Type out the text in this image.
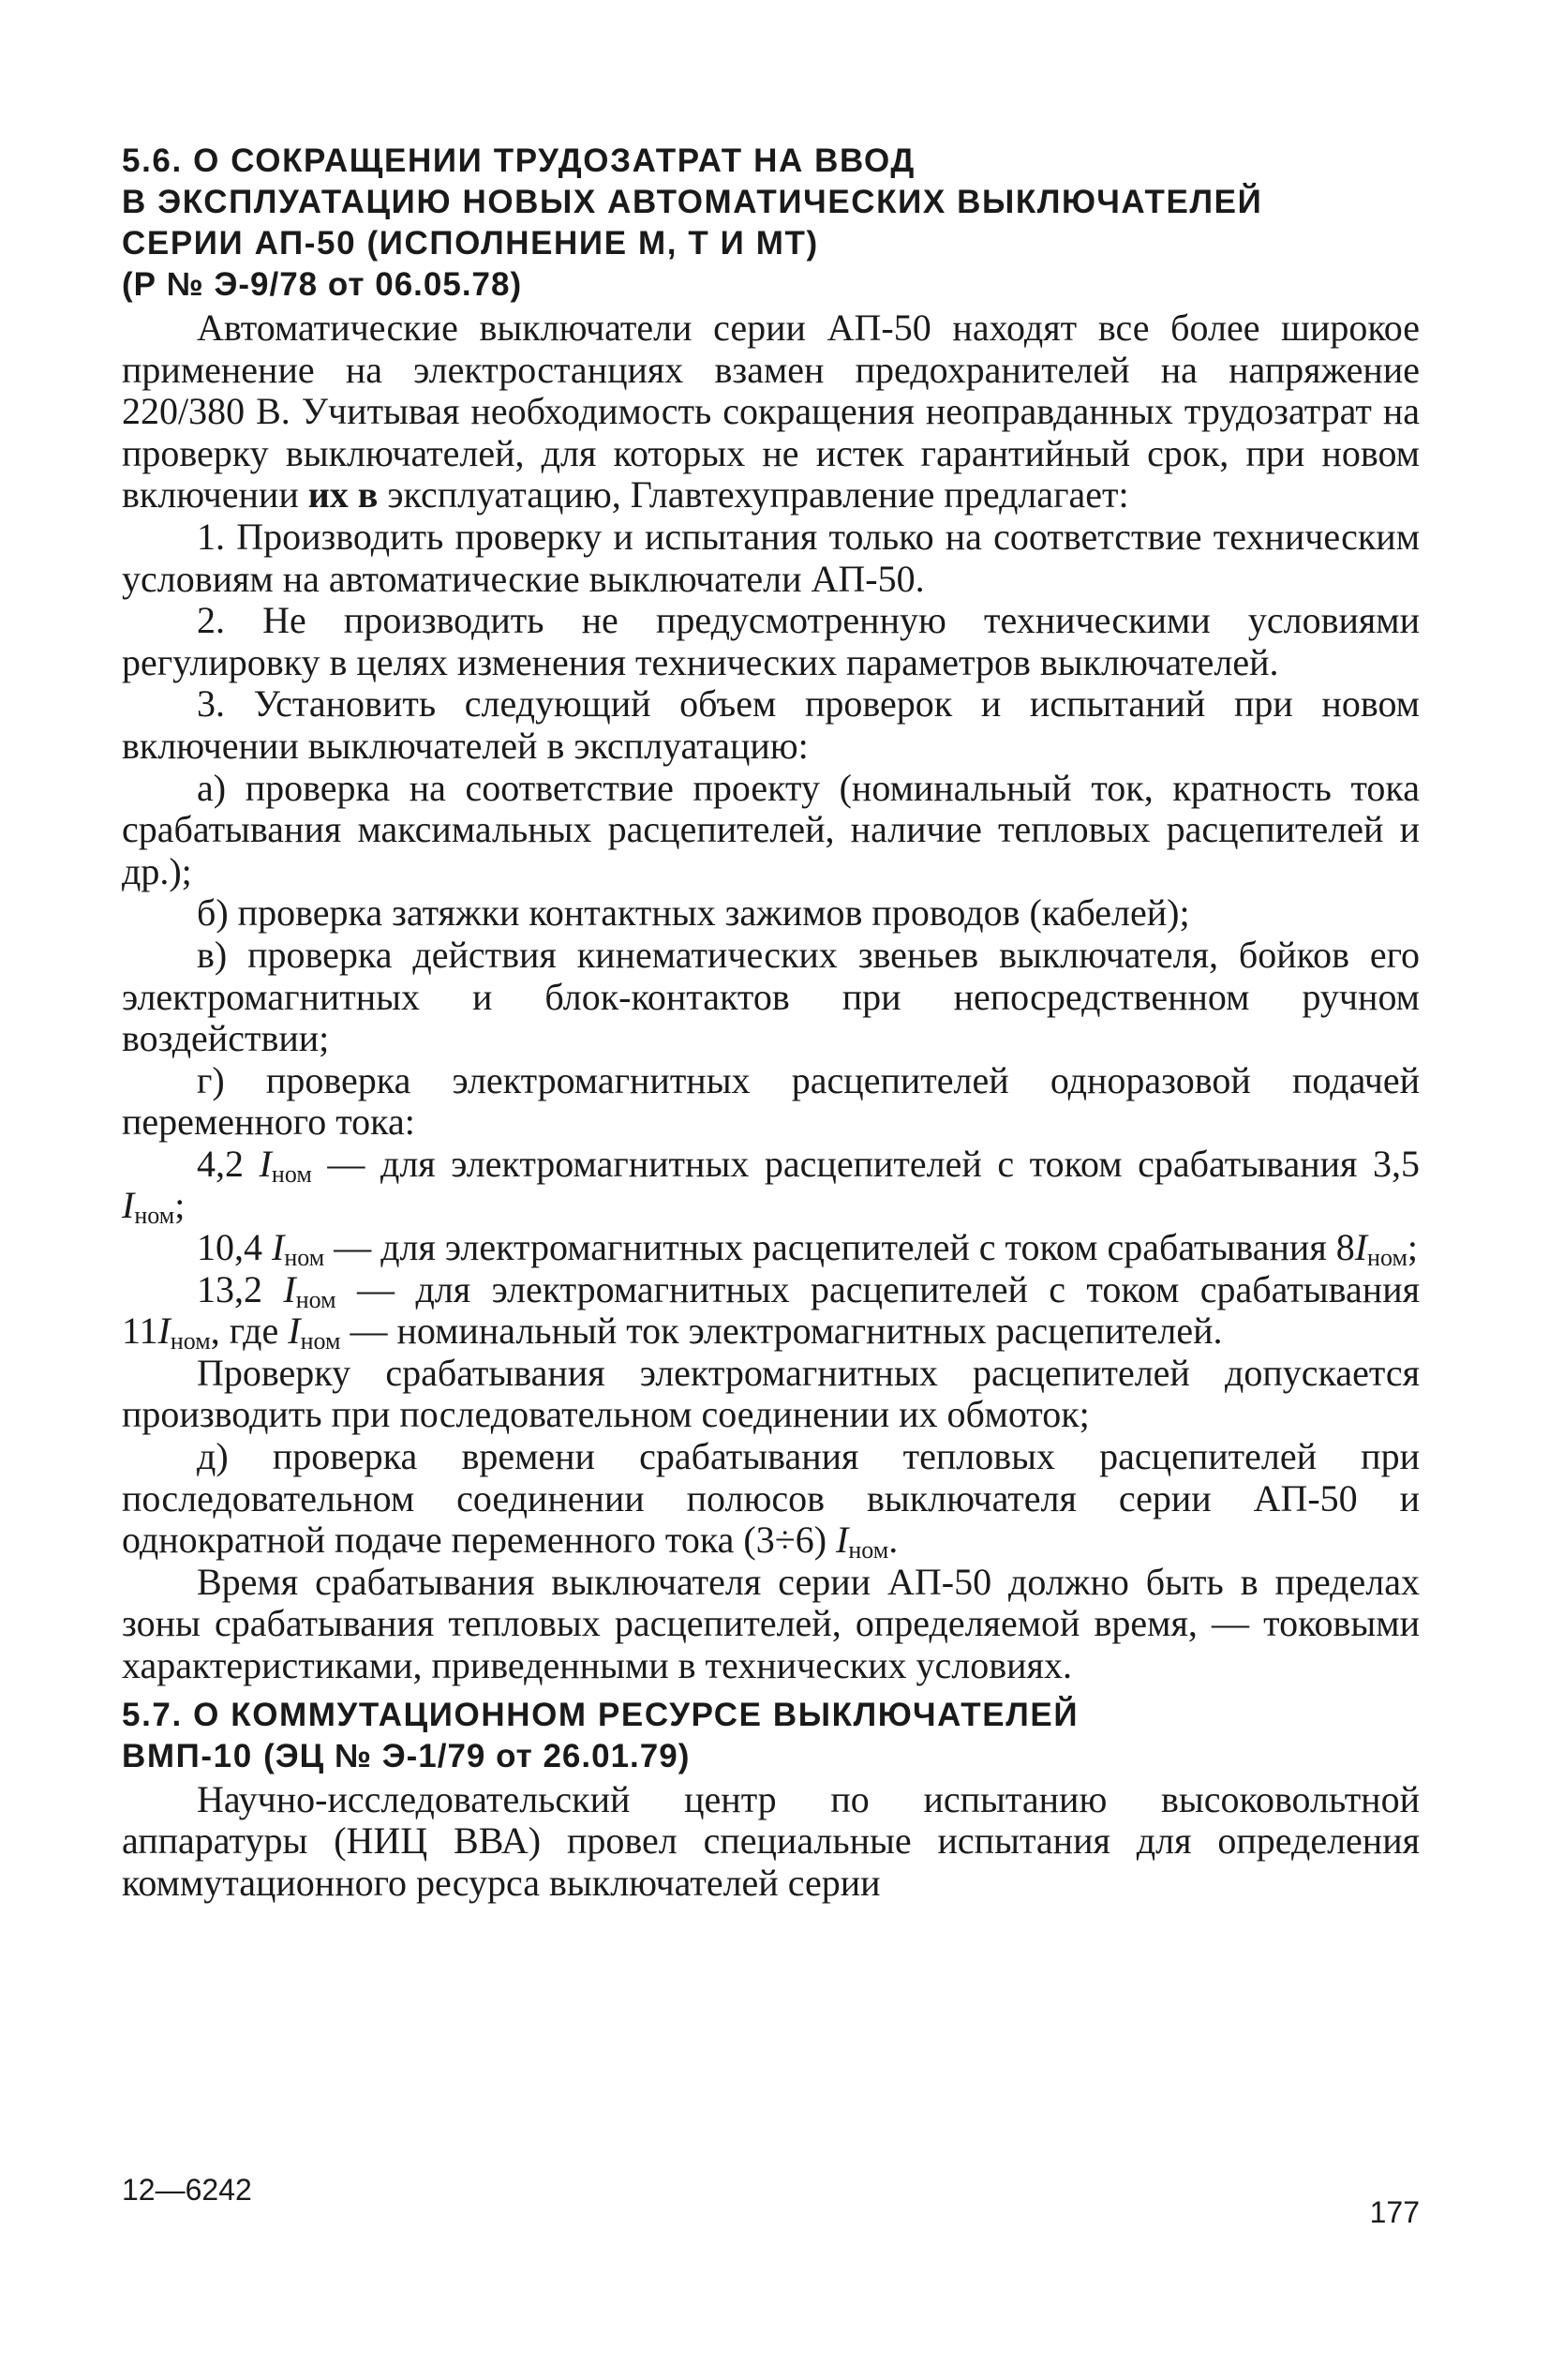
5.6. О СОКРАЩЕНИИ ТРУДОЗАТРАТ НА ВВОД
В ЭКСПЛУАТАЦИЮ НОВЫХ АВТОМАТИЧЕСКИХ ВЫКЛЮЧАТЕЛЕЙ
СЕРИИ АП-50 (ИСПОЛНЕНИЕ М, Т И МТ)
(Р № Э-9/78 от 06.05.78)

Автоматические выключатели серии АП-50 находят все более широкое применение на электростанциях взамен предохранителей на напряжение 220/380 В. Учитывая необходимость сокращения неоправданных трудозатрат на проверку выключателей, для которых не истек гарантийный срок, при новом включении их в эксплуатацию, Главтехуправление предлагает:

1. Производить проверку и испытания только на соответствие техническим условиям на автоматические выключатели АП-50.

2. Не производить не предусмотренную техническими условиями регулировку в целях изменения технических параметров выключателей.

3. Установить следующий объем проверок и испытаний при новом включении выключателей в эксплуатацию:

а) проверка на соответствие проекту (номинальный ток, кратность тока срабатывания максимальных расцепителей, наличие тепловых расцепителей и др.);

б) проверка затяжки контактных зажимов проводов (кабелей);

в) проверка действия кинематических звеньев выключателя, бойков его электромагнитных и блок-контактов при непосредственном ручном воздействии;

г) проверка электромагнитных расцепителей одноразовой подачей переменного тока:

4,2 $I_{ном}$ — для электромагнитных расцепителей с током срабатывания 3,5 $I_{ном}$;

10,4 $I_{ном}$ — для электромагнитных расцепителей с током срабатывания $8I_{ном}$;

13,2 $I_{ном}$ — для электромагнитных расцепителей с током срабатывания $11I_{ном}$, где $I_{ном}$ — номинальный ток электромагнитных расцепителей.

Проверку срабатывания электромагнитных расцепителей допускается производить при последовательном соединении их обмоток;

д) проверка времени срабатывания тепловых расцепителей при последовательном соединении полюсов выключателя серии АП-50 и однократной подаче переменного тока (3÷6) $I_{ном}$.

Время срабатывания выключателя серии АП-50 должно быть в пределах зоны срабатывания тепловых расцепителей, определяемой время, — токовыми характеристиками, приведенными в технических условиях.

5.7. О КОММУТАЦИОННОМ РЕСУРСЕ ВЫКЛЮЧАТЕЛЕЙ
ВМП-10 (ЭЦ № Э-1/79 от 26.01.79)

Научно-исследовательский центр по испытанию высоковольтной аппаратуры (НИЦ ВВА) провел специальные испытания для определения коммутационного ресурса выключателей серии

12—6242
177
